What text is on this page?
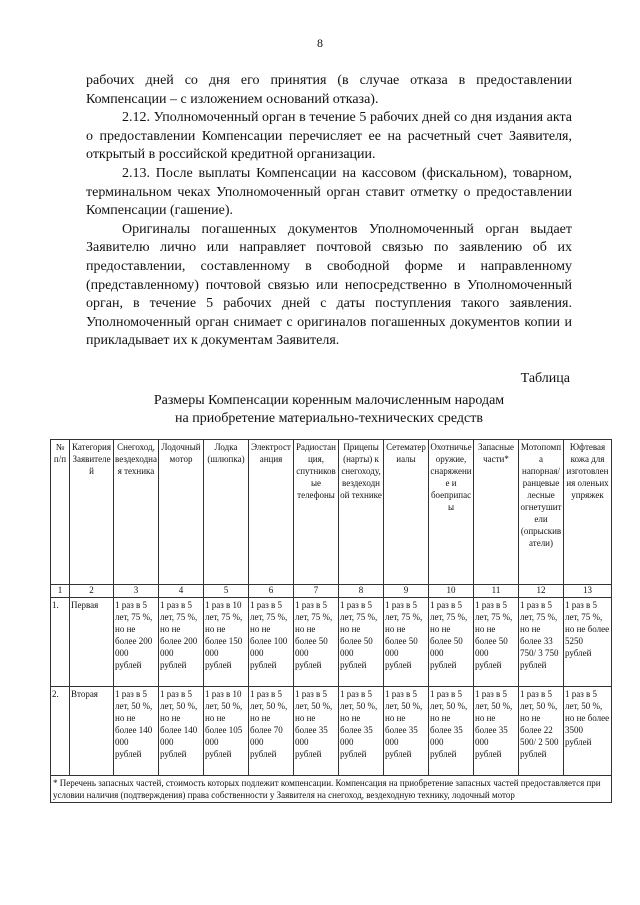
8

рабочих дней со дня его принятия (в случае отказа в предоставлении Компенсации – с изложением оснований отказа).

2.12. Уполномоченный орган в течение 5 рабочих дней со дня издания акта о предоставлении Компенсации перечисляет ее на расчетный счет Заявителя, открытый в российской кредитной организации.

2.13. После выплаты Компенсации на кассовом (фискальном), товарном, терминальном чеках Уполномоченный орган ставит отметку о предоставлении Компенсации (гашение).

Оригиналы погашенных документов Уполномоченный орган выдает Заявителю лично или направляет почтовой связью по заявлению об их предоставлении, составленному в свободной форме и направленному (представленному) почтовой связью или непосредственно в Уполномоченный орган, в течение 5 рабочих дней с даты поступления такого заявления. Уполномоченный орган снимает с оригиналов погашенных документов копии и прикладывает их к документам Заявителя.

Таблица
Размеры Компенсации коренным малочисленным народам
на приобретение материально-технических средств
№ п/п	Категория Заявителей	Снегоход, вездеходная техника	Лодочный мотор	Лодка (шлюпка)	Электростанция	Радиостанция, спутниковые телефоны	Прицепы (нарты) к снегоходу, вездеходной технике	Сетематериалы	Охотничье оружие, снаряжение и боеприпасы	Запасные части*	Мотопомпа напорная/ранцевые лесные огнетушители (опрыскиватели)	Юфтевая кожа для изготовления оленьих упряжек
1	2	3	4	5	6	7	8	9	10	11	12	13
1.	Первая	1 раз в 5 лет, 75 %, но не более 200 000 рублей	1 раз в 5 лет, 75 %, но не более 200 000 рублей	1 раз в 10 лет, 75 %, но не более 150 000 рублей	1 раз в 5 лет, 75 %, но не более 100 000 рублей	1 раз в 5 лет, 75 %, но не более 50 000 рублей	1 раз в 5 лет, 75 %, но не более 50 000 рублей	1 раз в 5 лет, 75 %, но не более 50 000 рублей	1 раз в 5 лет, 75 %, но не более 50 000 рублей	1 раз в 5 лет, 75 %, но не более 50 000 рублей	1 раз в 5 лет, 75 %, но не более 33 750/ 3 750 рублей	1 раз в 5 лет, 75 %, но не более 5250 рублей
2.	Вторая	1 раз в 5 лет, 50 %, но не более 140 000 рублей	1 раз в 5 лет, 50 %, но не более 140 000 рублей	1 раз в 10 лет, 50 %, но не более 105 000 рублей	1 раз в 5 лет, 50 %, но не более 70 000 рублей	1 раз в 5 лет, 50 %, но не более 35 000 рублей	1 раз в 5 лет, 50 %, но не более 35 000 рублей	1 раз в 5 лет, 50 %, но не более 35 000 рублей	1 раз в 5 лет, 50 %, но не более 35 000 рублей	1 раз в 5 лет, 50 %, но не более 35 000 рублей	1 раз в 5 лет, 50 %, но не более 22 500/ 2 500 рублей	1 раз в 5 лет, 50 %, но не более 3500 рублей
* Перечень запасных частей, стоимость которых подлежит компенсации. Компенсация на приобретение запасных частей предоставляется при условии наличия (подтверждения) права собственности у Заявителя на снегоход, вездеходную технику, лодочный мотор												
